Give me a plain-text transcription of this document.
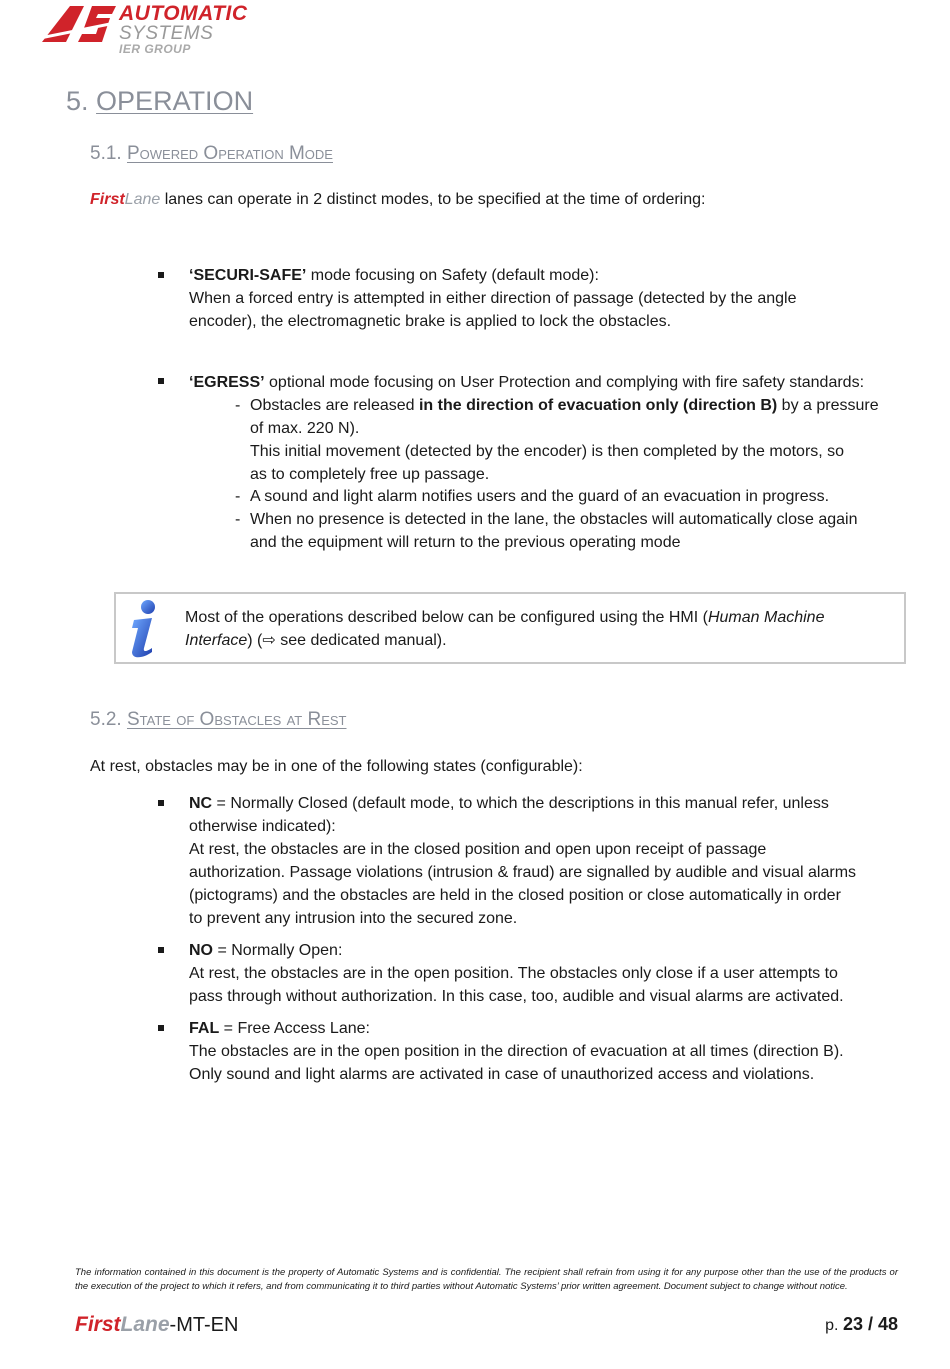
AUTOMATIC
SYSTEMS
IER GROUP
5. OPERATION
5.1. Powered Operation Mode
FirstLane lanes can operate in 2 distinct modes, to be specified at the time of ordering:
‘SECURI-SAFE’ mode focusing on Safety (default mode):
When a forced entry is attempted in either direction of passage (detected by the angle
encoder), the electromagnetic brake is applied to lock the obstacles.
‘EGRESS’ optional mode focusing on User Protection and complying with fire safety standards:
- Obstacles are released in the direction of evacuation only (direction B) by a pressure
of max. 220 N).
This initial movement (detected by the encoder) is then completed by the motors, so
as to completely free up passage.
- A sound and light alarm notifies users and the guard of an evacuation in progress.
- When no presence is detected in the lane, the obstacles will automatically close again
and the equipment will return to the previous operating mode
Most of the operations described below can be configured using the HMI (Human Machine
Interface) (⇨ see dedicated manual).
5.2. State of Obstacles at Rest
At rest, obstacles may be in one of the following states (configurable):
NC = Normally Closed (default mode, to which the descriptions in this manual refer, unless
otherwise indicated):
At rest, the obstacles are in the closed position and open upon receipt of passage
authorization. Passage violations (intrusion & fraud) are signalled by audible and visual alarms
(pictograms) and the obstacles are held in the closed position or close automatically in order
to prevent any intrusion into the secured zone.
NO = Normally Open:
At rest, the obstacles are in the open position. The obstacles only close if a user attempts to
pass through without authorization. In this case, too, audible and visual alarms are activated.
FAL = Free Access Lane:
The obstacles are in the open position in the direction of evacuation at all times (direction B).
Only sound and light alarms are activated in case of unauthorized access and violations.
The information contained in this document is the property of Automatic Systems and is confidential. The recipient shall refrain from using it for any purpose other than the use of the products or the execution of the project to which it refers, and from communicating it to third parties without Automatic Systems’ prior written agreement. Document subject to change without notice.
FirstLane-MT-EN	p. 23 / 48
